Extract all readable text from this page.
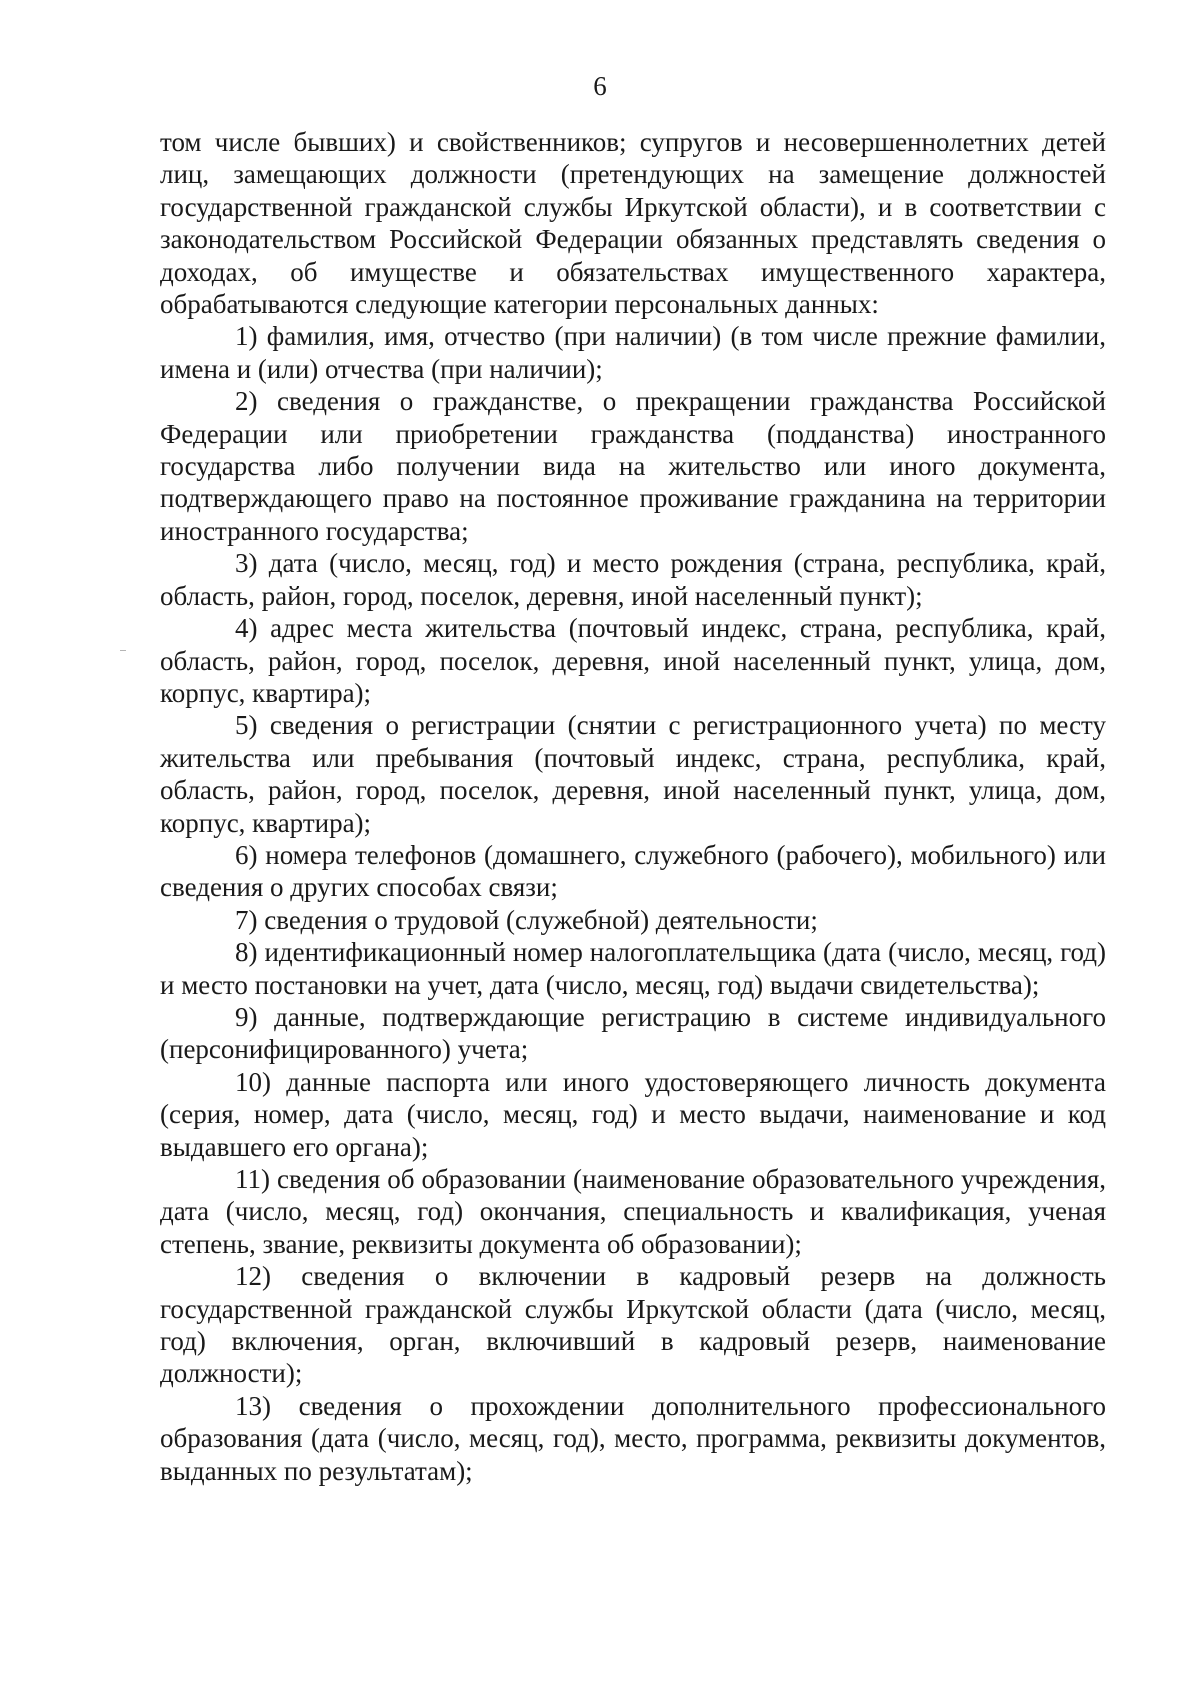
6

том числе бывших) и свойственников; супругов и несовершеннолетних детей лиц, замещающих должности (претендующих на замещение должностей государственной гражданской службы Иркутской области), и в соответствии с законодательством Российской Федерации обязанных представлять сведения о доходах, об имуществе и обязательствах имущественного характера, обрабатываются следующие категории персональных данных:

1) фамилия, имя, отчество (при наличии) (в том числе прежние фамилии, имена и (или) отчества (при наличии);

2) сведения о гражданстве, о прекращении гражданства Российской Федерации или приобретении гражданства (подданства) иностранного государства либо получении вида на жительство или иного документа, подтверждающего право на постоянное проживание гражданина на территории иностранного государства;

3) дата (число, месяц, год) и место рождения (страна, республика, край, область, район, город, поселок, деревня, иной населенный пункт);

4) адрес места жительства (почтовый индекс, страна, республика, край, область, район, город, поселок, деревня, иной населенный пункт, улица, дом, корпус, квартира);

5) сведения о регистрации (снятии с регистрационного учета) по месту жительства или пребывания (почтовый индекс, страна, республика, край, область, район, город, поселок, деревня, иной населенный пункт, улица, дом, корпус, квартира);

6) номера телефонов (домашнего, служебного (рабочего), мобильного) или сведения о других способах связи;

7) сведения о трудовой (служебной) деятельности;

8) идентификационный номер налогоплательщика (дата (число, месяц, год) и место постановки на учет, дата (число, месяц, год) выдачи свидетельства);

9) данные, подтверждающие регистрацию в системе индивидуального (персонифицированного) учета;

10) данные паспорта или иного удостоверяющего личность документа (серия, номер, дата (число, месяц, год) и место выдачи, наименование и код выдавшего его органа);

11) сведения об образовании (наименование образовательного учреждения, дата (число, месяц, год) окончания, специальность и квалификация, ученая степень, звание, реквизиты документа об образовании);

12) сведения о включении в кадровый резерв на должность государственной гражданской службы Иркутской области (дата (число, месяц, год) включения, орган, включивший в кадровый резерв, наименование должности);

13) сведения о прохождении дополнительного профессионального образования (дата (число, месяц, год), место, программа, реквизиты документов, выданных по результатам);
